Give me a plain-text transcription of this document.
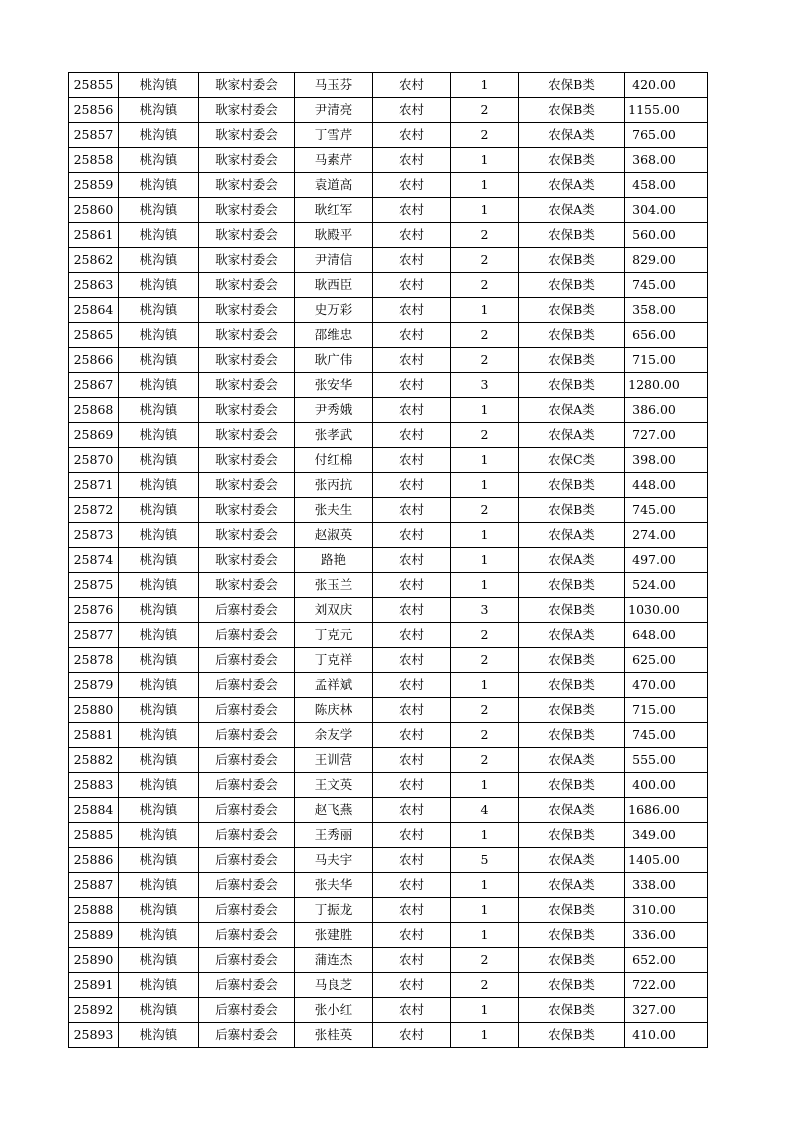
25855	桃沟镇	耿家村委会	马玉芬	农村	1	农保B类	420.00
25856	桃沟镇	耿家村委会	尹清亮	农村	2	农保B类	1155.00
25857	桃沟镇	耿家村委会	丁雪芹	农村	2	农保A类	765.00
25858	桃沟镇	耿家村委会	马素芹	农村	1	农保B类	368.00
25859	桃沟镇	耿家村委会	袁道高	农村	1	农保A类	458.00
25860	桃沟镇	耿家村委会	耿红军	农村	1	农保A类	304.00
25861	桃沟镇	耿家村委会	耿殿平	农村	2	农保B类	560.00
25862	桃沟镇	耿家村委会	尹清信	农村	2	农保B类	829.00
25863	桃沟镇	耿家村委会	耿西臣	农村	2	农保B类	745.00
25864	桃沟镇	耿家村委会	史万彩	农村	1	农保B类	358.00
25865	桃沟镇	耿家村委会	邵维忠	农村	2	农保B类	656.00
25866	桃沟镇	耿家村委会	耿广伟	农村	2	农保B类	715.00
25867	桃沟镇	耿家村委会	张安华	农村	3	农保B类	1280.00
25868	桃沟镇	耿家村委会	尹秀娥	农村	1	农保A类	386.00
25869	桃沟镇	耿家村委会	张孝武	农村	2	农保A类	727.00
25870	桃沟镇	耿家村委会	付红棉	农村	1	农保C类	398.00
25871	桃沟镇	耿家村委会	张丙抗	农村	1	农保B类	448.00
25872	桃沟镇	耿家村委会	张夫生	农村	2	农保B类	745.00
25873	桃沟镇	耿家村委会	赵淑英	农村	1	农保A类	274.00
25874	桃沟镇	耿家村委会	路艳	农村	1	农保A类	497.00
25875	桃沟镇	耿家村委会	张玉兰	农村	1	农保B类	524.00
25876	桃沟镇	后寨村委会	刘双庆	农村	3	农保B类	1030.00
25877	桃沟镇	后寨村委会	丁克元	农村	2	农保A类	648.00
25878	桃沟镇	后寨村委会	丁克祥	农村	2	农保B类	625.00
25879	桃沟镇	后寨村委会	孟祥斌	农村	1	农保B类	470.00
25880	桃沟镇	后寨村委会	陈庆林	农村	2	农保B类	715.00
25881	桃沟镇	后寨村委会	余友学	农村	2	农保B类	745.00
25882	桃沟镇	后寨村委会	王训营	农村	2	农保A类	555.00
25883	桃沟镇	后寨村委会	王文英	农村	1	农保B类	400.00
25884	桃沟镇	后寨村委会	赵飞燕	农村	4	农保A类	1686.00
25885	桃沟镇	后寨村委会	王秀丽	农村	1	农保B类	349.00
25886	桃沟镇	后寨村委会	马夫宇	农村	5	农保A类	1405.00
25887	桃沟镇	后寨村委会	张夫华	农村	1	农保A类	338.00
25888	桃沟镇	后寨村委会	丁振龙	农村	1	农保B类	310.00
25889	桃沟镇	后寨村委会	张建胜	农村	1	农保B类	336.00
25890	桃沟镇	后寨村委会	蒲连杰	农村	2	农保B类	652.00
25891	桃沟镇	后寨村委会	马良芝	农村	2	农保B类	722.00
25892	桃沟镇	后寨村委会	张小红	农村	1	农保B类	327.00
25893	桃沟镇	后寨村委会	张桂英	农村	1	农保B类	410.00
